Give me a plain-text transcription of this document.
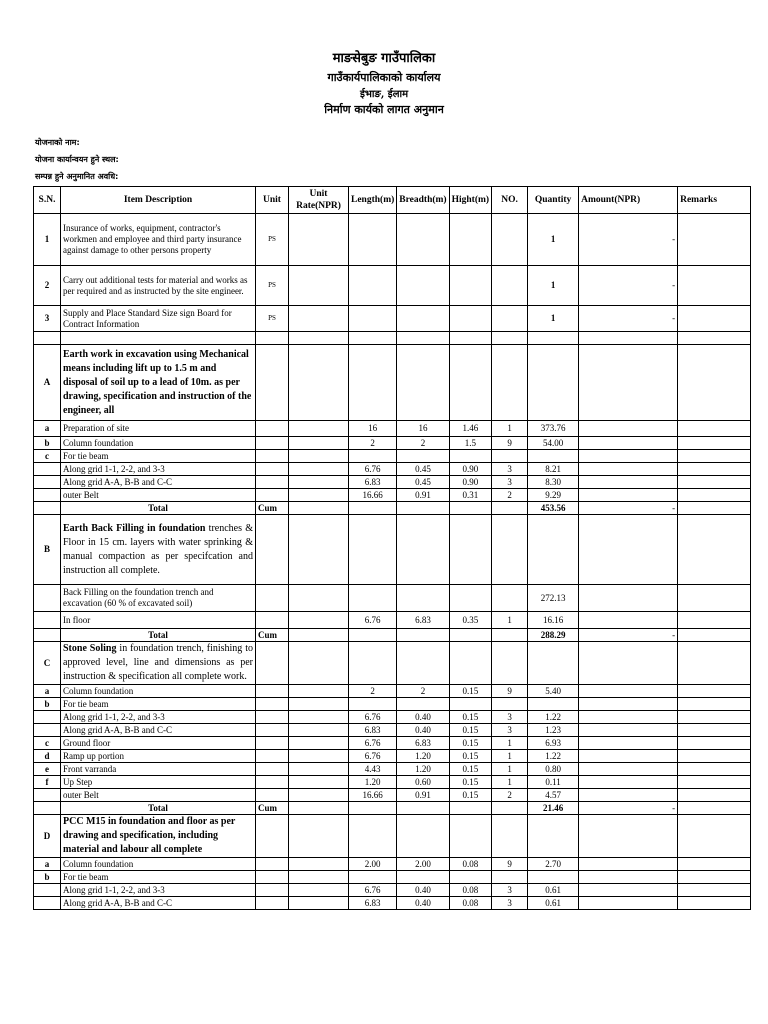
माङसेबुङ गाउँपालिका
गाउँकार्यपालिकाको कार्यालय
ईभाङ, ईलाम
निर्माण कार्यको लागत अनुमान
योजनाको नाम:
योजना कार्यान्वयन हुने स्थल:
सम्पन्न हुने अनुमानित अवधि:
S.N.	Item Description	Unit	Unit Rate(NPR)	Length(m)	Breadth(m)	Hight(m)	NO.	Quantity	Amount(NPR)	Remarks
1	Insurance of works, equipment, contractor's workmen and employee and third party insurance against damage to other persons property	PS						1	-	
2	Carry out additional tests for material and works as per required and as instructed by the site engineer.	PS						1	-	
3	Supply and Place Standard Size sign Board for Contract Information	PS						1	-	

A	Earth work in excavation using Mechanical means including lift up to 1.5 m and disposal of soil up to a lead of 10m. as per drawing, specification and instruction of the engineer, all									
a	Preparation of site			16	16	1.46	1	373.76		
b	Column foundation			2	2	1.5	9	54.00		
c	For tie beam									
	Along grid 1-1, 2-2, and 3-3			6.76	0.45	0.90	3	8.21		
	Along grid A-A, B-B and C-C			6.83	0.45	0.90	3	8.30		
	outer Belt			16.66	0.91	0.31	2	9.29		
	Total	Cum						453.56	-	
B	Earth Back Filling in foundation trenches & Floor in 15 cm. layers with water sprinking & manual compaction as per specifcation and instruction all complete.									
	Back Filling on the foundation trench and excavation (60 % of excavated soil)							272.13		
	In floor			6.76	6.83	0.35	1	16.16		
	Total	Cum						288.29	-	
C	Stone Soling in foundation trench, finishing to approved level, line and dimensions as per instruction & specification all complete work.									
a	Column foundation			2	2	0.15	9	5.40		
b	For tie beam									
	Along grid 1-1, 2-2, and 3-3			6.76	0.40	0.15	3	1.22		
	Along grid A-A, B-B and C-C			6.83	0.40	0.15	3	1.23		
c	Ground floor			6.76	6.83	0.15	1	6.93		
d	Ramp up portion			6.76	1.20	0.15	1	1.22		
e	Front varranda			4.43	1.20	0.15	1	0.80		
f	Up Step			1.20	0.60	0.15	1	0.11		
	outer Belt			16.66	0.91	0.15	2	4.57		
	Total	Cum						21.46	-	
D	PCC M15 in foundation and floor as per drawing and specification, including material and labour all complete									
a	Column foundation			2.00	2.00	0.08	9	2.70		
b	For tie beam									
	Along grid 1-1, 2-2, and 3-3			6.76	0.40	0.08	3	0.61		
	Along grid A-A, B-B and C-C			6.83	0.40	0.08	3	0.61		
